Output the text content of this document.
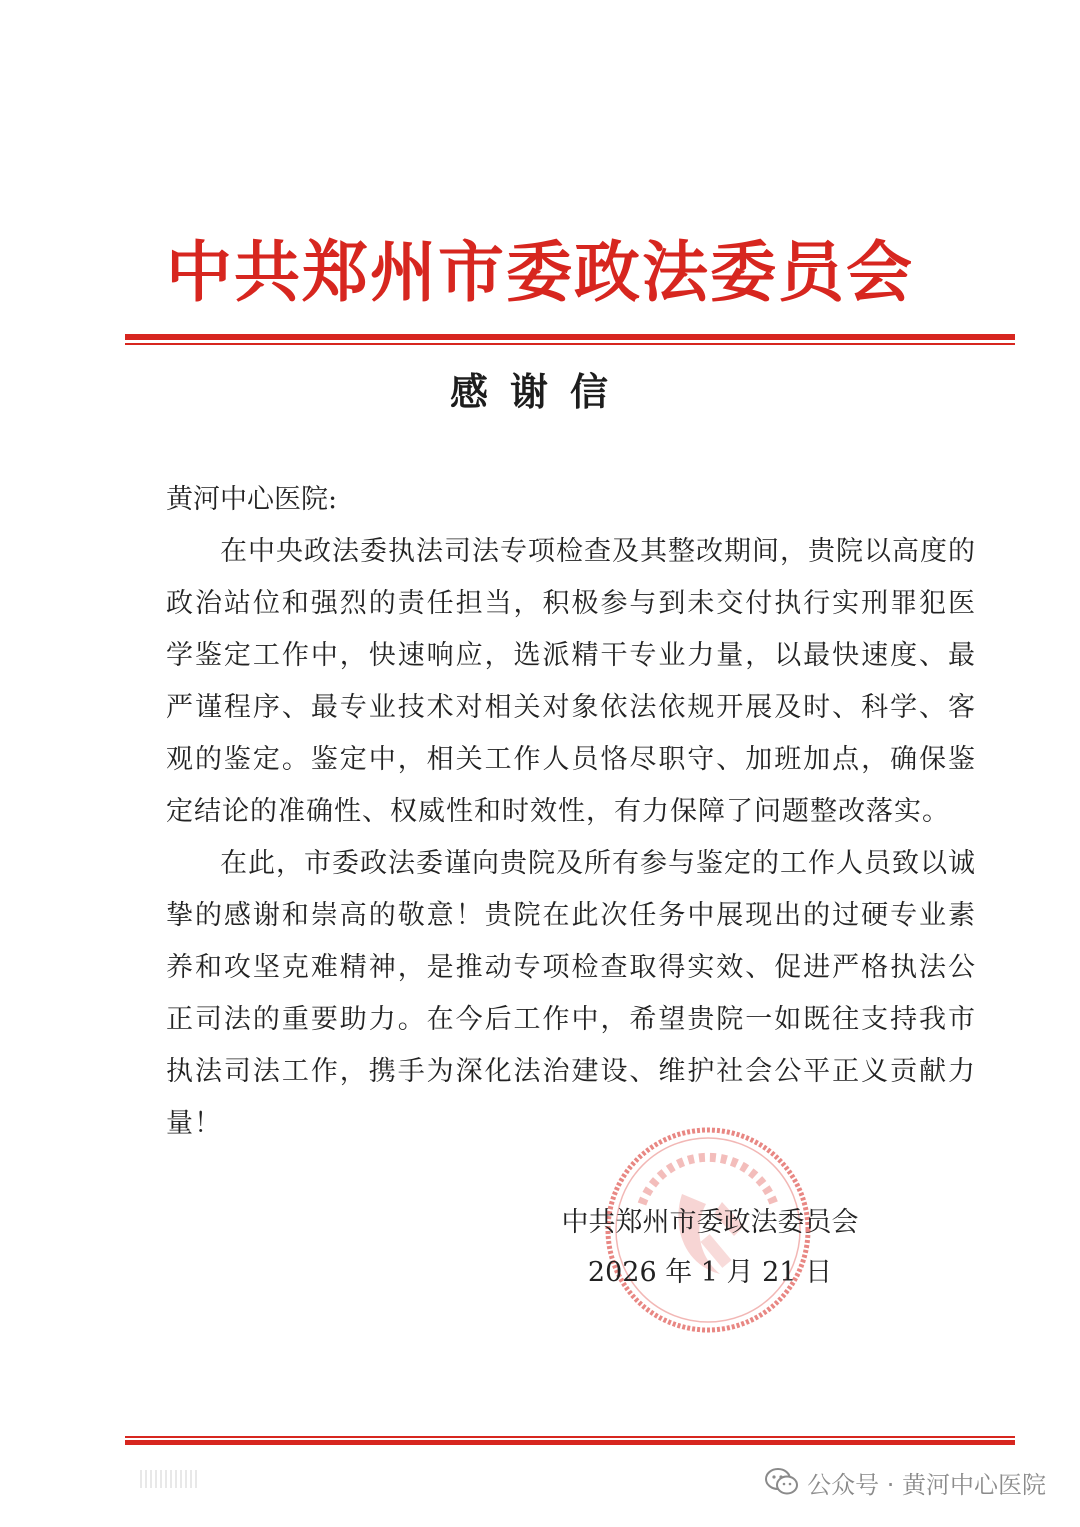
中共郑州市委政法委员会
感谢信
黄河中心医院:

在中央政法委执法司法专项检查及其整改期间，贵院以高度的政治站位和强烈的责任担当，积极参与到未交付执行实刑罪犯医学鉴定工作中，快速响应，选派精干专业力量，以最快速度、最严谨程序、最专业技术对相关对象依法依规开展及时、科学、客观的鉴定。鉴定中，相关工作人员恪尽职守、加班加点，确保鉴定结论的准确性、权威性和时效性，有力保障了问题整改落实。

在此，市委政法委谨向贵院及所有参与鉴定的工作人员致以诚挚的感谢和崇高的敬意！贵院在此次任务中展现出的过硬专业素养和攻坚克难精神，是推动专项检查取得实效、促进严格执法公正司法的重要助力。在今后工作中，希望贵院一如既往支持我市执法司法工作，携手为深化法治建设、维护社会公平正义贡献力量！

中共郑州市委政法委员会
2026 年 1 月 21 日
公众号 · 黄河中心医院
